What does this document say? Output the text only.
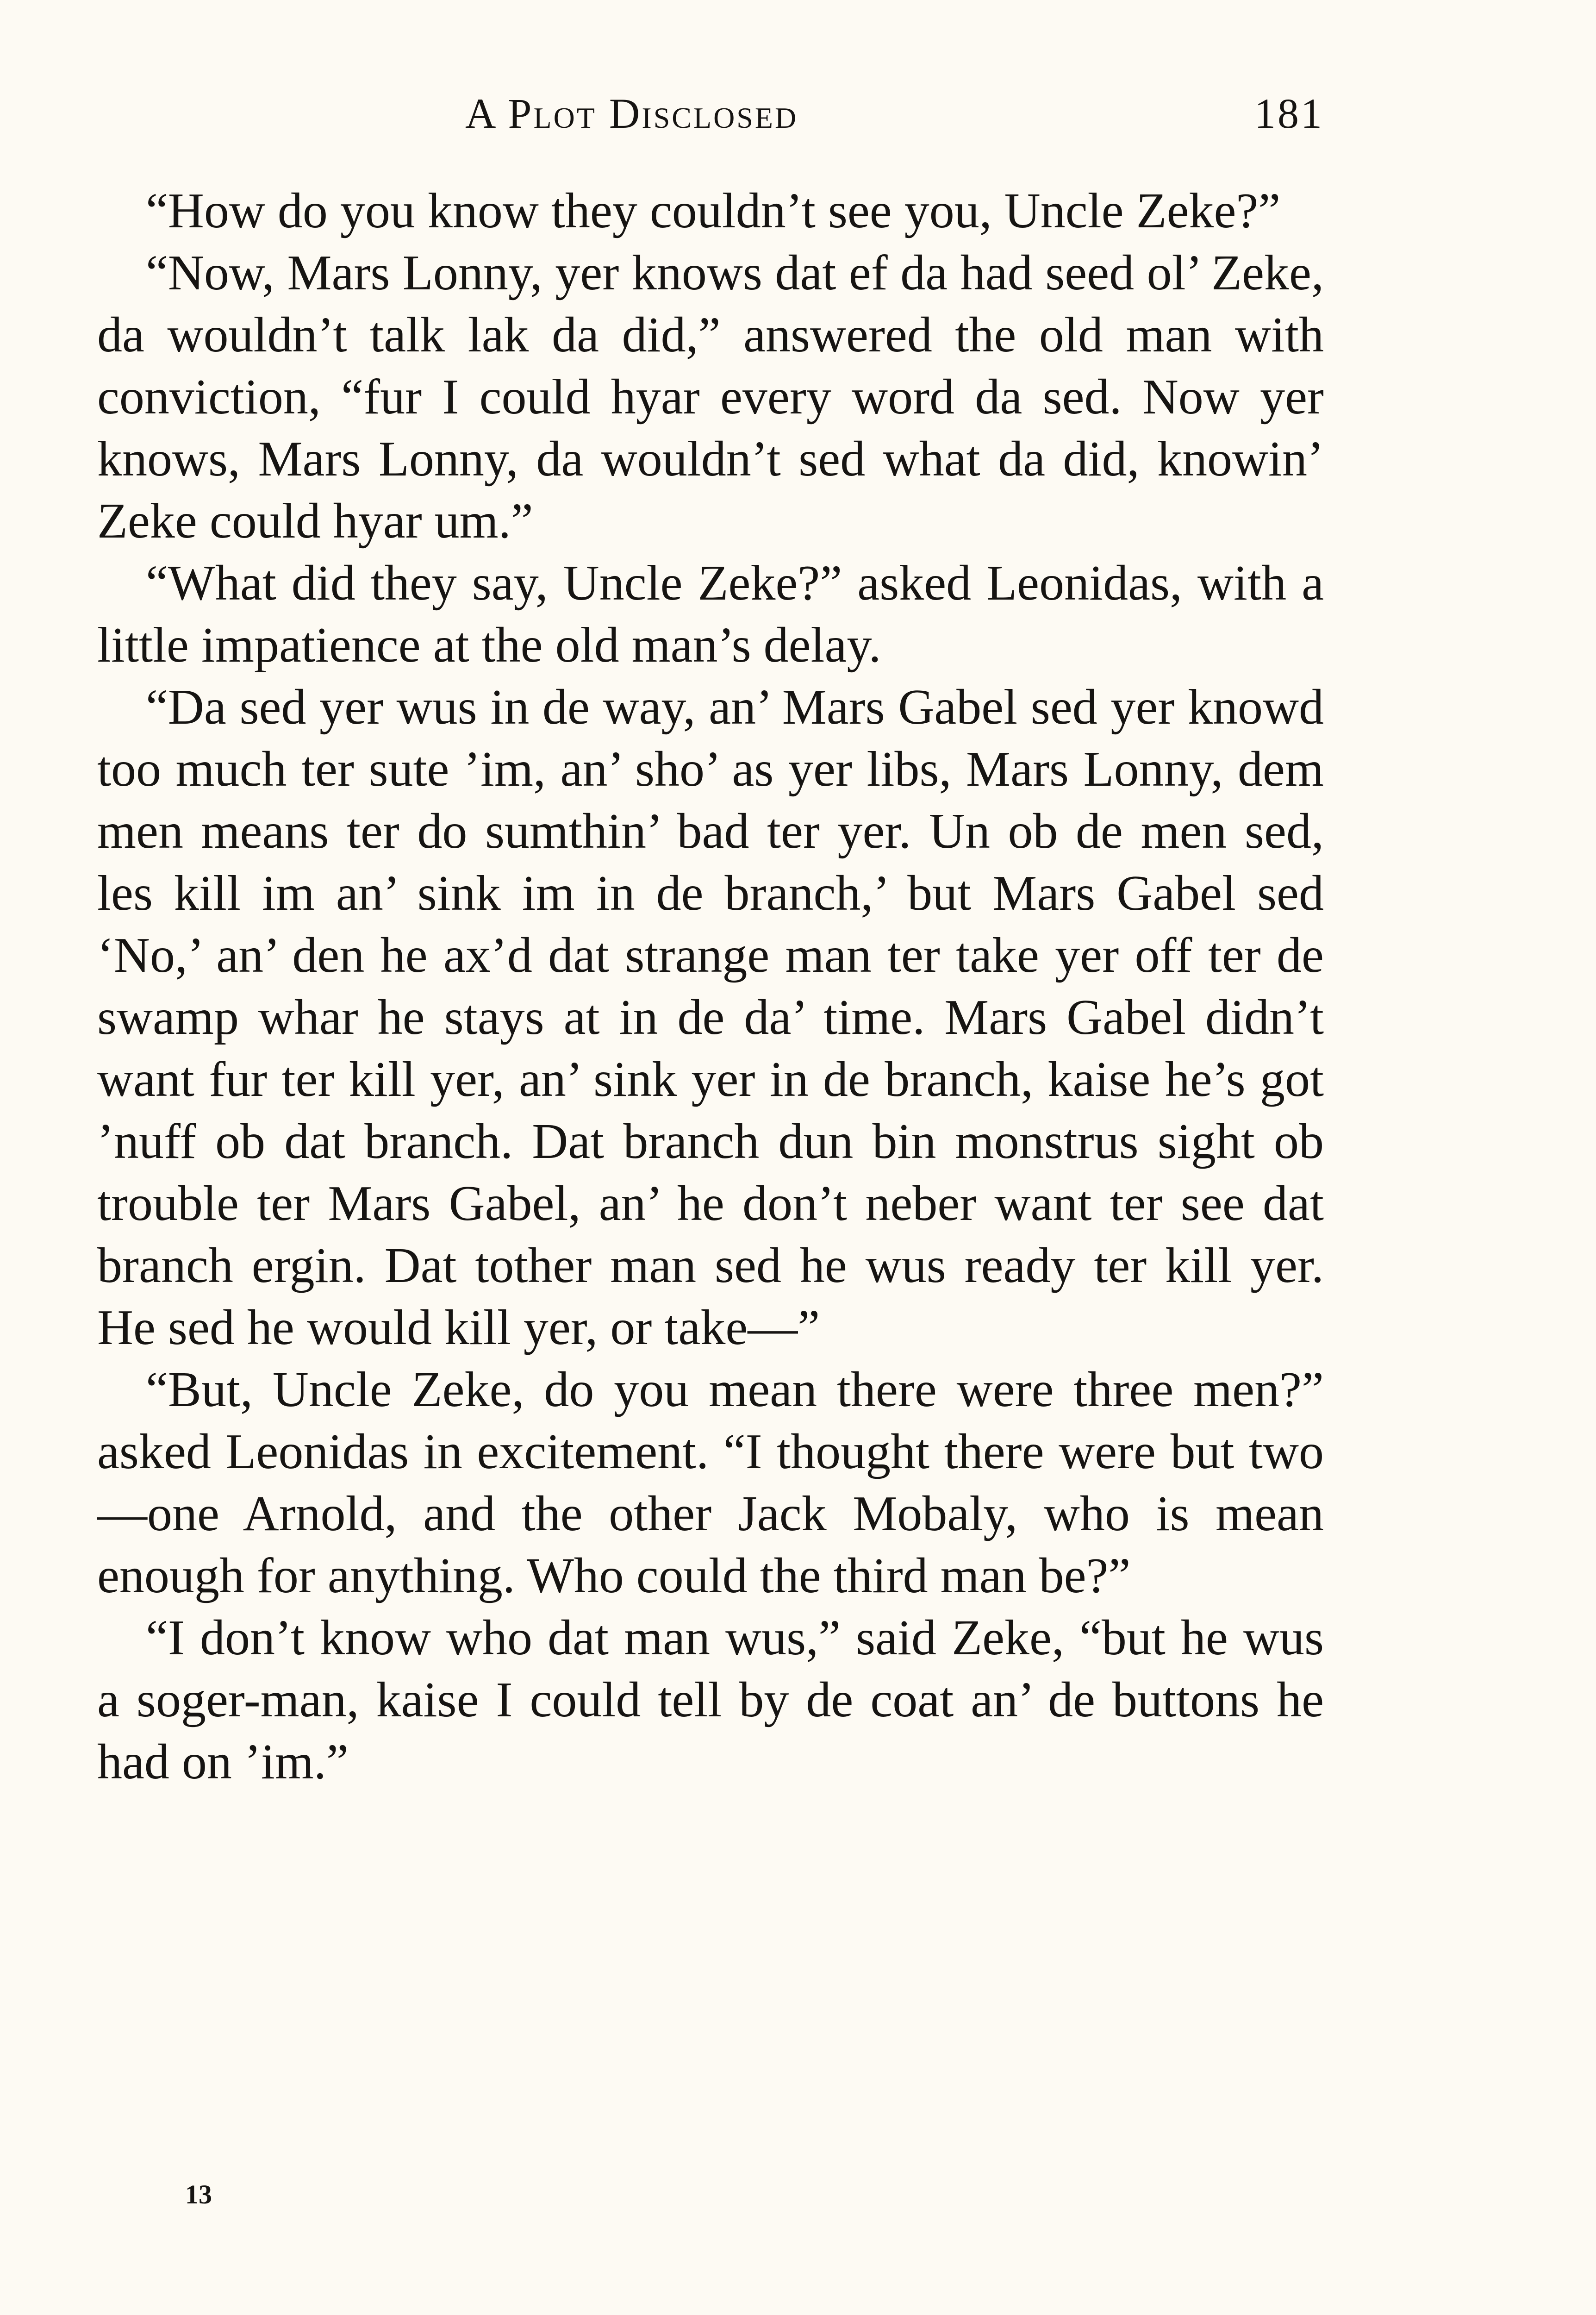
A Plot Disclosed	181

“How do you know they couldn’t see you, Uncle Zeke?”

“Now, Mars Lonny, yer knows dat ef da had seed ol’ Zeke, da wouldn’t talk lak da did,” answered the old man with conviction, “fur I could hyar every word da sed. Now yer knows, Mars Lonny, da wouldn’t sed what da did, knowin’ Zeke could hyar um.”

“What did they say, Uncle Zeke?” asked Leonidas, with a little impatience at the old man’s delay.

“Da sed yer wus in de way, an’ Mars Gabel sed yer knowd too much ter sute ’im, an’ sho’ as yer libs, Mars Lonny, dem men means ter do sumthin’ bad ter yer. Un ob de men sed, les kill im an’ sink im in de branch,’ but Mars Gabel sed ‘No,’ an’ den he ax’d dat strange man ter take yer off ter de swamp whar he stays at in de da’ time. Mars Gabel didn’t want fur ter kill yer, an’ sink yer in de branch, kaise he’s got ’nuff ob dat branch. Dat branch dun bin monstrus sight ob trouble ter Mars Gabel, an’ he don’t neber want ter see dat branch ergin. Dat tother man sed he wus ready ter kill yer. He sed he would kill yer, or take—”

“But, Uncle Zeke, do you mean there were three men?” asked Leonidas in excitement. “I thought there were but two—one Arnold, and the other Jack Mobaly, who is mean enough for anything. Who could the third man be?”

“I don’t know who dat man wus,” said Zeke, “but he wus a soger-man, kaise I could tell by de coat an’ de buttons he had on ’im.”

13
